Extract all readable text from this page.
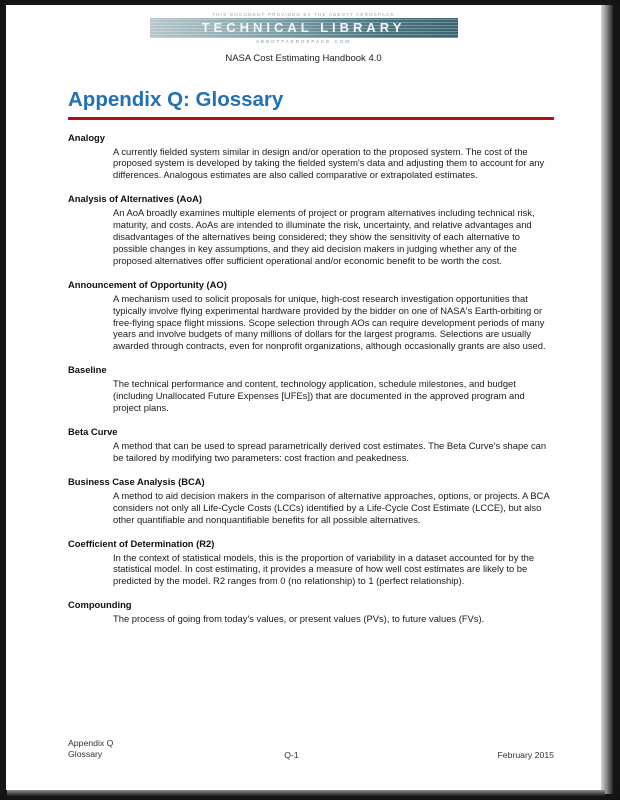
THIS DOCUMENT PROVIDED BY THE ABBOTT AEROSPACE
TECHNICAL LIBRARY
ABBOTTAEROSPACE.COM
NASA Cost Estimating Handbook 4.0
Appendix Q: Glossary
Analogy

A currently fielded system similar in design and/or operation to the proposed system. The cost of the proposed system is developed by taking the fielded system's data and adjusting them to account for any differences. Analogous estimates are also called comparative or extrapolated estimates.

Analysis of Alternatives (AoA)

An AoA broadly examines multiple elements of project or program alternatives including technical risk, maturity, and costs. AoAs are intended to illuminate the risk, uncertainty, and relative advantages and disadvantages of the alternatives being considered; they show the sensitivity of each alternative to possible changes in key assumptions, and they aid decision makers in judging whether any of the proposed alternatives offer sufficient operational and/or economic benefit to be worth the cost.

Announcement of Opportunity (AO)

A mechanism used to solicit proposals for unique, high-cost research investigation opportunities that typically involve flying experimental hardware provided by the bidder on one of NASA's Earth-orbiting or free-flying space flight missions. Scope selection through AOs can require development periods of many years and involve budgets of many millions of dollars for the largest programs. Selections are usually awarded through contracts, even for nonprofit organizations, although occasionally grants are also used.

Baseline

The technical performance and content, technology application, schedule milestones, and budget (including Unallocated Future Expenses [UFEs]) that are documented in the approved program and project plans.

Beta Curve

A method that can be used to spread parametrically derived cost estimates. The Beta Curve's shape can be tailored by modifying two parameters: cost fraction and peakedness.

Business Case Analysis (BCA)

A method to aid decision makers in the comparison of alternative approaches, options, or projects. A BCA considers not only all Life-Cycle Costs (LCCs) identified by a Life-Cycle Cost Estimate (LCCE), but also other quantifiable and nonquantifiable benefits for all possible alternatives.

Coefficient of Determination (R2)

In the context of statistical models, this is the proportion of variability in a dataset accounted for by the statistical model. In cost estimating, it provides a measure of how well cost estimates are likely to be predicted by the model. R2 ranges from 0 (no relationship) to 1 (perfect relationship).

Compounding

The process of going from today's values, or present values (PVs), to future values (FVs).

Appendix Q
Glossary	Q-1	February 2015
